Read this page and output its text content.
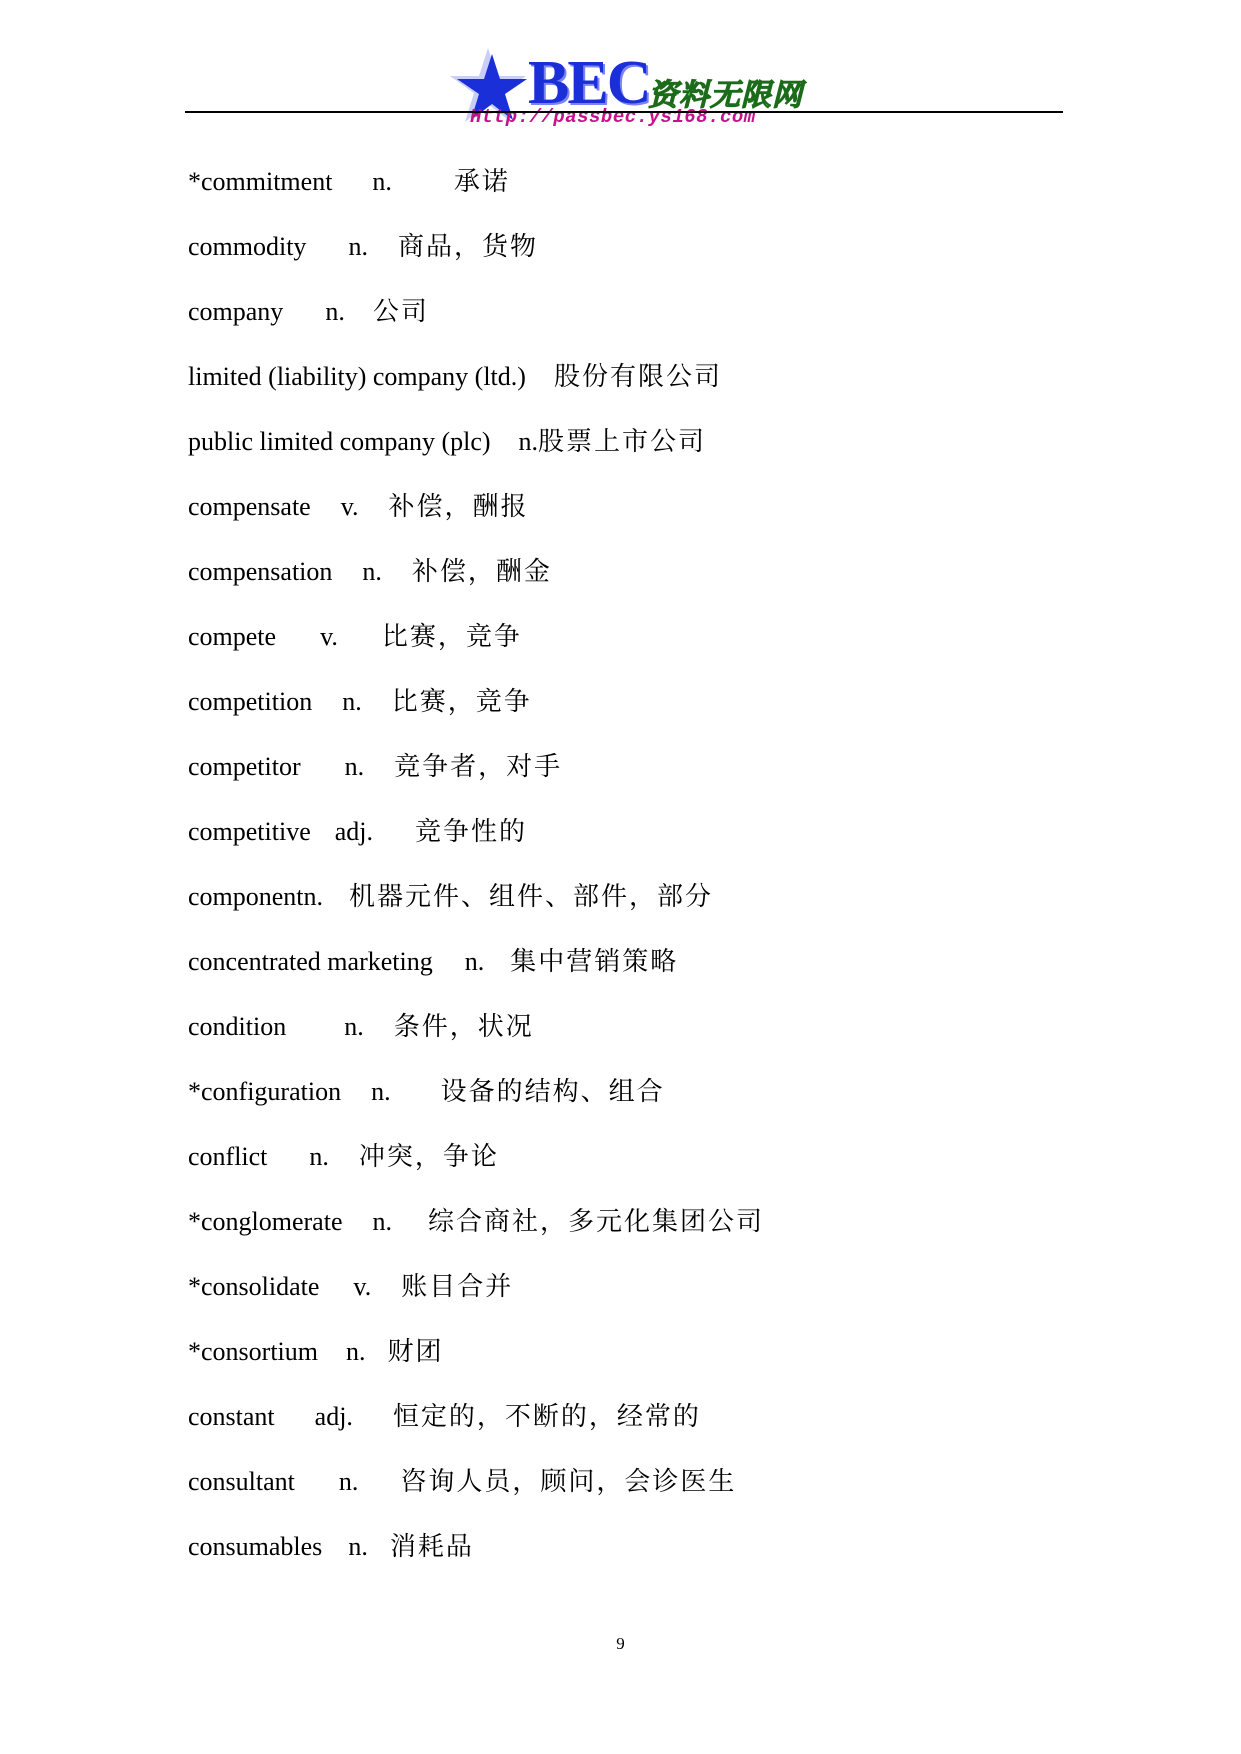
BEC
资料无限网
Http://passbec.ys168.com
*commitment n. 承诺
commodity n. 商品，货物
company n. 公司
limited (liability) company (ltd.) 股份有限公司
public limited company (plc) n. 股票上市公司
compensate v. 补偿，酬报
compensation n. 补偿，酬金
compete v. 比赛，竞争
competition n. 比赛，竞争
competitor n. 竞争者，对手
competitive adj. 竞争性的
componentn. 机器元件、组件、部件，部分
concentrated marketing n. 集中营销策略
condition n. 条件，状况
*configuration n. 设备的结构、组合
conflict n. 冲突，争论
*conglomerate n. 综合商社，多元化集团公司
*consolidate v. 账目合并
*consortium n. 财团
constant adj. 恒定的，不断的，经常的
consultant n. 咨询人员，顾问，会诊医生
consumables n. 消耗品
9
